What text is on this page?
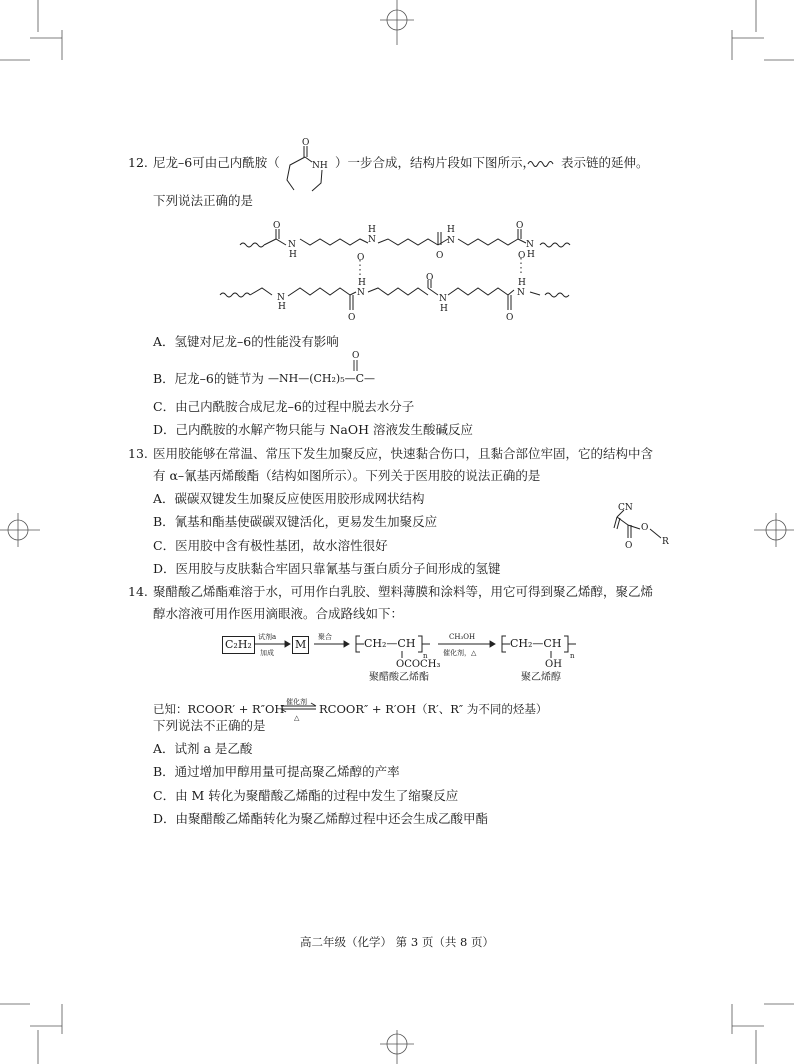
12. 尼龙–6可由己内酰胺（	）一步合成，结构片段如下图所示， 表示链的延伸。
O
NH
下列说法正确的是
O
N
H
N
H
O
N
H	O
N
H
O	O
N
H
O
N
H	O
N
H
O
N
H
A．氢键对尼龙–6的性能没有影响
B．尼龙–6的链节为 —NH—(CH₂)₅—C—
O
C．由己内酰胺合成尼龙–6的过程中脱去水分子
D．己内酰胺的水解产物只能与 NaOH 溶液发生酸碱反应
13. 医用胶能够在常温、常压下发生加聚反应，快速黏合伤口，且黏合部位牢固，它的结构中含
有 α–氰基丙烯酸酯（结构如图所示）。下列关于医用胶的说法正确的是
A．碳碳双键发生加聚反应使医用胶形成网状结构
B．氰基和酯基使碳碳双键活化，更易发生加聚反应
C．医用胶中含有极性基团，故水溶性很好
D．医用胶与皮肤黏合牢固只靠氰基与蛋白质分子间形成的氢键
CN
O
O	R
14. 聚醋酸乙烯酯难溶于水，可用作白乳胶、塑料薄膜和涂料等，用它可得到聚乙烯醇，聚乙烯
醇水溶液可用作医用滴眼液。合成路线如下：
C₂H₂
试剂a
加成
M
聚合	CH₂—CH
n
OCOCH₃
聚醋酸乙烯酯
CH₃OH
催化剂，△
CH₂—CH
n
OH
聚乙烯醇
已知：RCOOR′ + R″OH 催化剂
△
RCOOR″ + R′OH（R′、R″ 为不同的烃基）
下列说法不正确的是
A．试剂 a 是乙酸
B．通过增加甲醇用量可提高聚乙烯醇的产率
C．由 M 转化为聚醋酸乙烯酯的过程中发生了缩聚反应
D．由聚醋酸乙烯酯转化为聚乙烯醇过程中还会生成乙酸甲酯
高二年级（化学） 第 3 页（共 8 页）
